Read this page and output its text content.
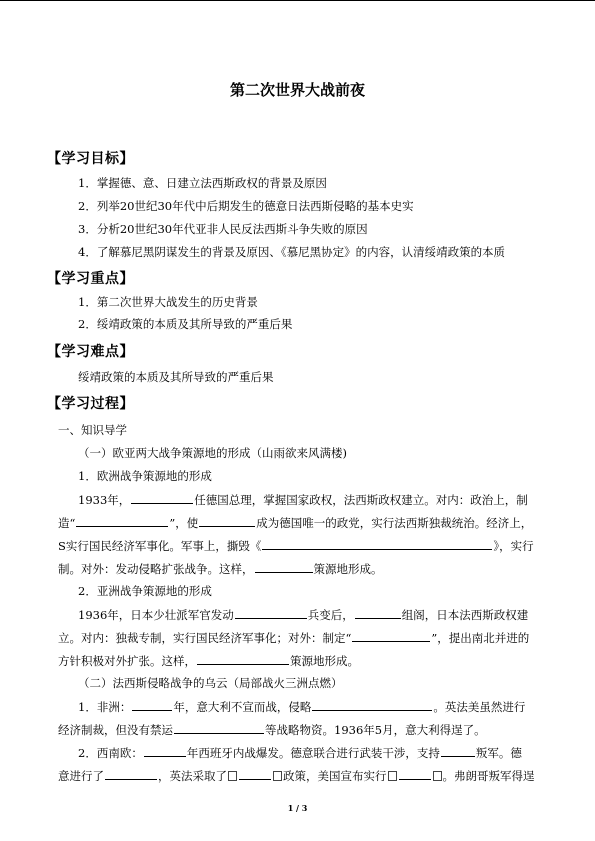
第二次世界大战前夜
【学习目标】
1．掌握德、意、日建立法西斯政权的背景及原因
2．列举20世纪30年代中后期发生的德意日法西斯侵略的基本史实
3．分析20世纪30年代亚非人民反法西斯斗争失败的原因
4．了解慕尼黑阴谋发生的背景及原因、《慕尼黑协定》的内容，认清绥靖政策的本质
【学习重点】
1．第二次世界大战发生的历史背景
2．绥靖政策的本质及其所导致的严重后果
【学习难点】
绥靖政策的本质及其所导致的严重后果
【学习过程】
一、知识导学
（一）欧亚两大战争策源地的形成（山雨欲来风满楼)
1．欧洲战争策源地的形成
1933年，	任德国总理，掌握国家政权，法西斯政权建立。对内：政治上，制
造“	”，使	成为德国唯一的政党，实行法西斯独裁统治。经济上，
S实行国民经济军事化。军事上，撕毁《	》，实行
制。对外：发动侵略扩张战争。这样，	策源地形成。
2．亚洲战争策源地的形成
1936年，日本少壮派军官发动	兵变后，	组阁，日本法西斯政权建
立。对内：独裁专制，实行国民经济军事化；对外：制定“	”，提出南北并进的
方针积极对外扩张。这样，	策源地形成。
（二）法西斯侵略战争的乌云（局部战火三洲点燃）
1．非洲：	年，意大利不宣而战，侵略	。英法美虽然进行
经济制裁，但没有禁运	等战略物资。1936年5月，意大利得逞了。
2．西南欧：	年西班牙内战爆发。德意联合进行武装干涉，支持	叛军。德
意进行了	，英法采取了	政策，美国宣布实行	。弗朗哥叛军得逞
1 / 3
